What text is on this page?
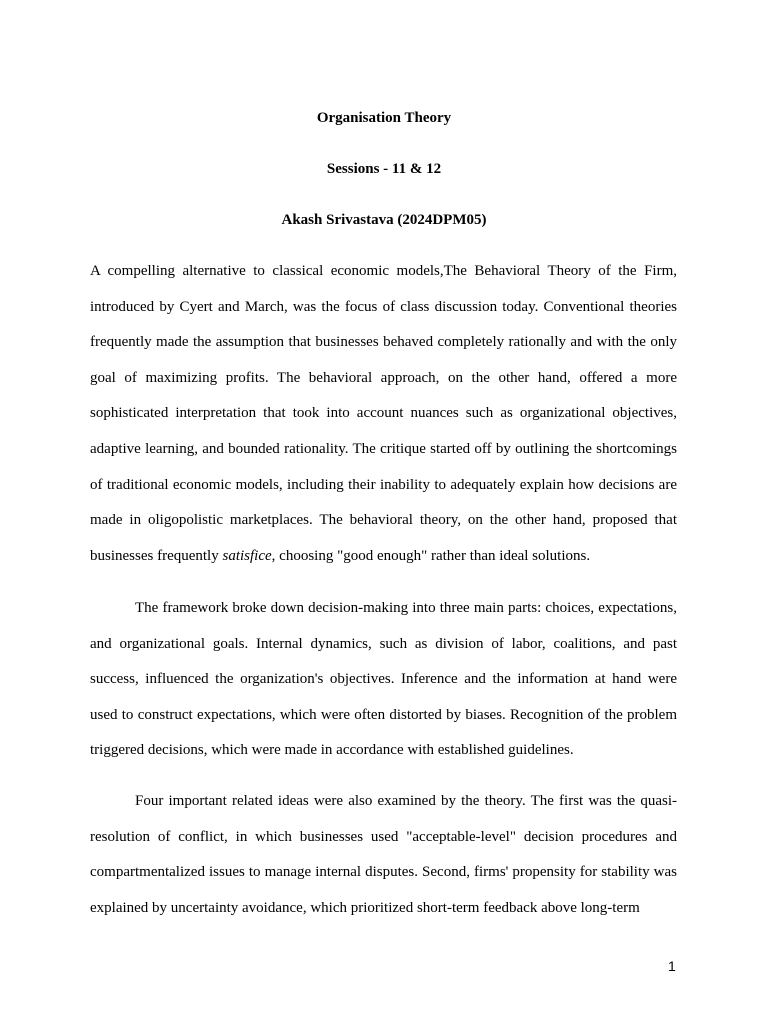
Organisation Theory

Sessions - 11 & 12

Akash Srivastava (2024DPM05)

A compelling alternative to classical economic models,The Behavioral Theory of the Firm, introduced by Cyert and March, was the focus of class discussion today. Conventional theories frequently made the assumption that businesses behaved completely rationally and with the only goal of maximizing profits. The behavioral approach, on the other hand, offered a more sophisticated interpretation that took into account nuances such as organizational objectives, adaptive learning, and bounded rationality. The critique started off by outlining the shortcomings of traditional economic models, including their inability to adequately explain how decisions are made in oligopolistic marketplaces. The behavioral theory, on the other hand, proposed that businesses frequently satisfice, choosing "good enough" rather than ideal solutions.

The framework broke down decision-making into three main parts: choices, expectations, and organizational goals. Internal dynamics, such as division of labor, coalitions, and past success, influenced the organization's objectives. Inference and the information at hand were used to construct expectations, which were often distorted by biases. Recognition of the problem triggered decisions, which were made in accordance with established guidelines.

Four important related ideas were also examined by the theory. The first was the quasi-resolution of conflict, in which businesses used "acceptable-level" decision procedures and compartmentalized issues to manage internal disputes. Second, firms' propensity for stability was explained by uncertainty avoidance, which prioritized short-term feedback above long-term

1
